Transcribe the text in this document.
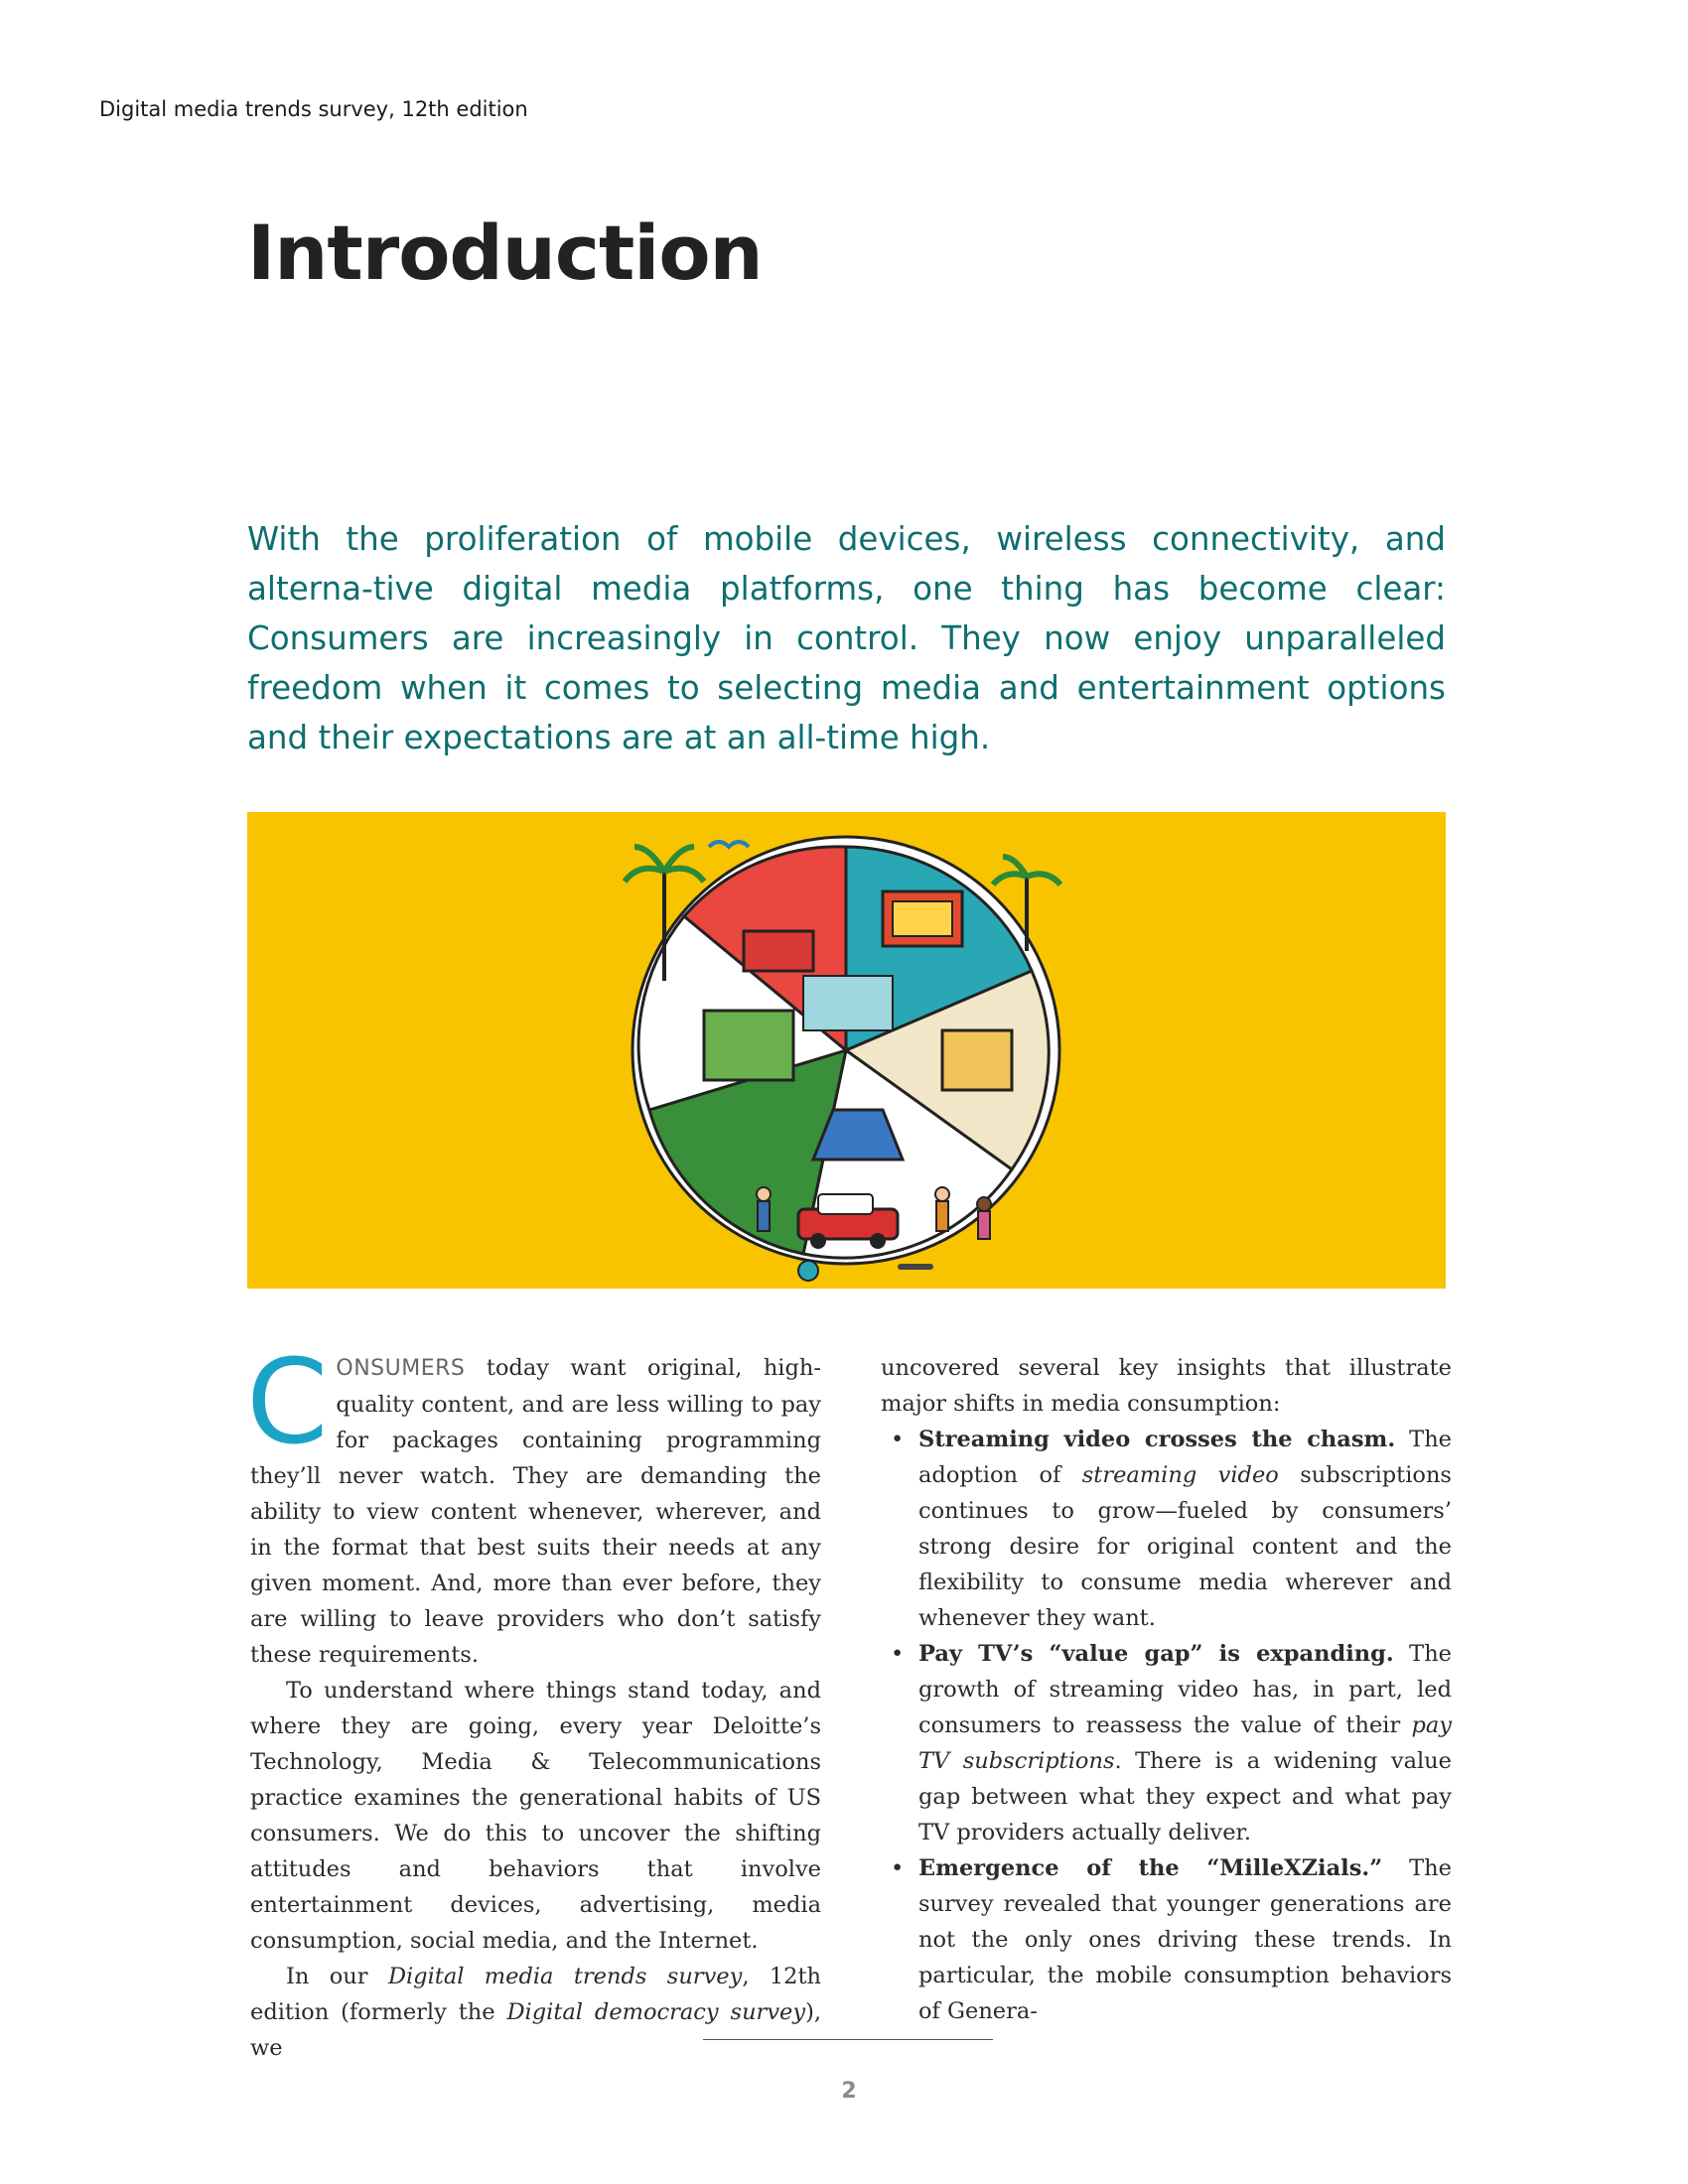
Digital media trends survey, 12th edition
Introduction

With the proliferation of mobile devices, wireless connectivity, and alterna-tive digital media platforms, one thing has become clear: Consumers are increasingly in control. They now enjoy unparalleled freedom when it comes to selecting media and entertainment options and their expectations are at an all-time high.

CONSUMERS today want original, high-quality content, and are less willing to pay for packages containing programming they’ll never watch. They are demanding the ability to view content whenever, wherever, and in the format that best suits their needs at any given moment. And, more than ever before, they are willing to leave providers who don’t satisfy these requirements.

To understand where things stand today, and where they are going, every year Deloitte’s Technology, Media & Telecommunications practice examines the generational habits of US consumers. We do this to uncover the shifting attitudes and behaviors that involve entertainment devices, advertising, media consumption, social media, and the Internet.

In our Digital media trends survey, 12th edition (formerly the Digital democracy survey), we

uncovered several key insights that illustrate major shifts in media consumption:

• Streaming video crosses the chasm. The adoption of streaming video subscriptions continues to grow—fueled by consumers’ strong desire for original content and the flexibility to consume media wherever and whenever they want.
• Pay TV’s “value gap” is expanding. The growth of streaming video has, in part, led consumers to reassess the value of their pay TV subscriptions. There is a widening value gap between what they expect and what pay TV providers actually deliver.
• Emergence of the “MilleXZials.” The survey revealed that younger generations are not the only ones driving these trends. In particular, the mobile consumption behaviors of Genera-
2
